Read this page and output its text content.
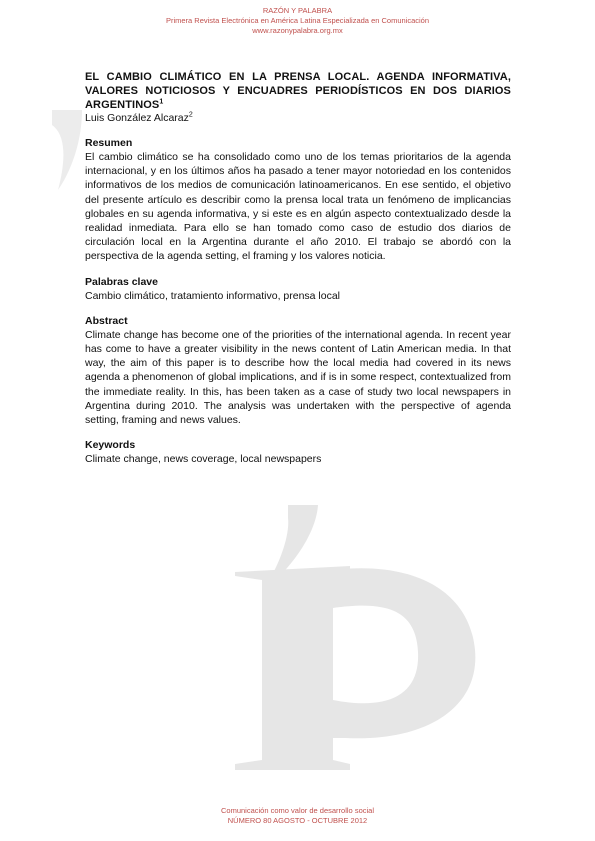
RAZÓN Y PALABRA
Primera Revista Electrónica en América Latina Especializada en Comunicación
www.razonypalabra.org.mx

EL CAMBIO CLIMÁTICO EN LA PRENSA LOCAL. AGENDA INFORMATIVA, VALORES NOTICIOSOS Y ENCUADRES PERIODÍSTICOS EN DOS DIARIOS ARGENTINOS$^1$

Luis González Alcaraz$^2$

Resumen

El cambio climático se ha consolidado como uno de los temas prioritarios de la agenda internacional, y en los últimos años ha pasado a tener mayor notoriedad en los contenidos informativos de los medios de comunicación latinoamericanos. En ese sentido, el objetivo del presente artículo es describir como la prensa local trata un fenómeno de implicancias globales en su agenda informativa, y si este es en algún aspecto contextualizado desde la realidad inmediata. Para ello se han tomado como caso de estudio dos diarios de circulación local en la Argentina durante el año 2010. El trabajo se abordó con la perspectiva de la agenda setting, el framing y los valores noticia.

Palabras clave

Cambio climático, tratamiento informativo, prensa local

Abstract

Climate change has become one of the priorities of the international agenda. In recent year has come to have a greater visibility in the news content of Latin American media. In that way, the aim of this paper is to describe how the local media had covered in its news agenda a phenomenon of global implications, and if is in some respect, contextualized from the immediate reality. In this, has been taken as a case of study two local newspapers in Argentina during 2010. The analysis was undertaken with the perspective of agenda setting, framing and news values.

Keywords

Climate change, news coverage, local newspapers

Comunicación como valor de desarrollo social
NÚMERO 80 AGOSTO - OCTUBRE 2012
